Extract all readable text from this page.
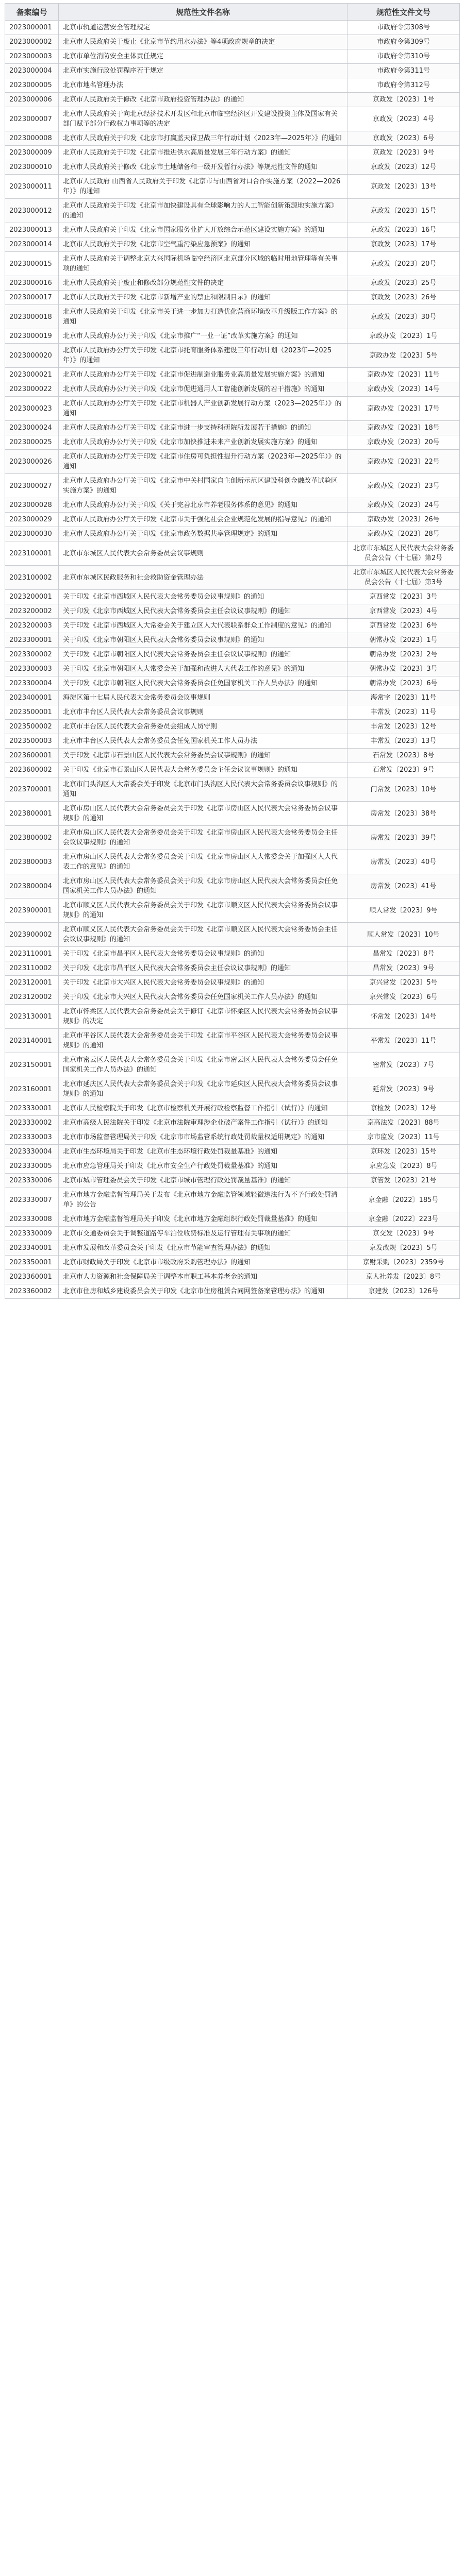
备案编号	规范性文件名称	规范性文件文号
2023000001	北京市轨道运营安全管理规定	市政府令第308号
2023000002	北京市人民政府关于废止《北京市节约用水办法》等4项政府规章的决定	市政府令第309号
2023000003	北京市单位消防安全主体责任规定	市政府令第310号
2023000004	北京市实施行政处罚程序若干规定	市政府令第311号
2023000005	北京市地名管理办法	市政府令第312号
2023000006	北京市人民政府关于修改《北京市政府投资管理办法》的通知	京政发〔2023〕1号
2023000007	北京市人民政府关于向北京经济技术开发区和北京市临空经济区开发建设投资主体及国家有关部门赋予部分行政权力事项等的决定	京政发〔2023〕4号
2023000008	北京市人民政府关于印发《北京市打赢蓝天保卫战三年行动计划〈2023年—2025年〉》的通知	京政发〔2023〕6号
2023000009	北京市人民政府关于印发《北京市推进供水高质量发展三年行动方案》的通知	京政发〔2023〕9号
2023000010	北京市人民政府关于修改《北京市土地储备和一级开发暂行办法》等规范性文件的通知	京政发〔2023〕12号
2023000011	北京市人民政府 山西省人民政府关于印发《北京市与山西省对口合作实施方案（2022—2026年）》的通知	京政发〔2023〕13号
2023000012	北京市人民政府关于印发《北京市加快建设具有全球影响力的人工智能创新策源地实施方案》的通知	京政发〔2023〕15号
2023000013	北京市人民政府关于印发《北京市国家服务业扩大开放综合示范区建设实施方案》的通知	京政发〔2023〕16号
2023000014	北京市人民政府关于印发《北京市空气重污染应急预案》的通知	京政发〔2023〕17号
2023000015	北京市人民政府关于调整北京大兴国际机场临空经济区北京部分区域的临时用地管理等有关事项的通知	京政发〔2023〕20号
2023000016	北京市人民政府关于废止和修改部分规范性文件的决定	京政发〔2023〕25号
2023000017	北京市人民政府关于印发《北京市新增产业的禁止和限制目录》的通知	京政发〔2023〕26号
2023000018	北京市人民政府关于印发《北京市关于进一步加力打造优化营商环境改革升级版工作方案》的通知	京政发〔2023〕30号
2023000019	北京市人民政府办公厅关于印发《北京市推广“一业一证”改革实施方案》的通知	京政办发〔2023〕1号
2023000020	北京市人民政府办公厅关于印发《北京市托育服务体系建设三年行动计划（2023年—2025年）》的通知	京政办发〔2023〕5号
2023000021	北京市人民政府办公厅关于印发《北京市促进制造业服务业高质量发展实施方案》的通知	京政办发〔2023〕11号
2023000022	北京市人民政府办公厅关于印发《北京市促进通用人工智能创新发展的若干措施》的通知	京政办发〔2023〕14号
2023000023	北京市人民政府办公厅关于印发《北京市机器人产业创新发展行动方案（2023—2025年）》的通知	京政办发〔2023〕17号
2023000024	北京市人民政府办公厅关于印发《北京市进一步支持科研院所发展若干措施》的通知	京政办发〔2023〕18号
2023000025	北京市人民政府办公厅关于印发《北京市加快推进未来产业创新发展实施方案》的通知	京政办发〔2023〕20号
2023000026	北京市人民政府办公厅关于印发《北京市住房可负担性提升行动方案（2023年—2025年）》的通知	京政办发〔2023〕22号
2023000027	北京市人民政府办公厅关于印发《北京市中关村国家自主创新示范区建设科创金融改革试验区实施方案》的通知	京政办发〔2023〕23号
2023000028	北京市人民政府办公厅关于印发《关于完善北京市养老服务体系的意见》的通知	京政办发〔2023〕24号
2023000029	北京市人民政府办公厅关于印发《北京市关于强化社会企业规范化发展的指导意见》的通知	京政办发〔2023〕26号
2023000030	北京市人民政府办公厅关于印发《北京市政务数据共享管理规定》的通知	京政办发〔2023〕28号
2023100001	北京市东城区人民代表大会常务委员会议事规则	北京市东城区人民代表大会常务委员会公告（十七届）第2号
2023100002	北京市东城区民政服务和社会救助资金管理办法	北京市东城区人民代表大会常务委员会公告（十七届）第3号
2023200001	关于印发《北京市西城区人民代表大会常务委员会议事规则》的通知	京西常发〔2023〕3号
2023200002	关于印发《北京市西城区人民代表大会常务委员会主任会议议事规则》的通知	京西常发〔2023〕4号
2023200003	关于印发《北京市西城区人大常委会关于建立区人大代表联系群众工作制度的意见》的通知	京西常发〔2023〕6号
2023300001	关于印发《北京市朝阳区人民代表大会常务委员会议事规则》的通知	朝常办发〔2023〕1号
2023300002	关于印发《北京市朝阳区人民代表大会常务委员会主任会议议事规则》的通知	朝常办发〔2023〕2号
2023300003	关于印发《北京市朝阳区人大常委会关于加强和改进人大代表工作的意见》的通知	朝常办发〔2023〕3号
2023300004	关于印发《北京市朝阳区人民代表大会常务委员会任免国家机关工作人员办法》的通知	朝常办发〔2023〕6号
2023400001	海淀区第十七届人民代表大会常务委员会议事规则	海常字〔2023〕11号
2023500001	北京市丰台区人民代表大会常务委员会议事规则	丰常发〔2023〕11号
2023500002	北京市丰台区人民代表大会常务委员会组成人员守则	丰常发〔2023〕12号
2023500003	北京市丰台区人民代表大会常务委员会任免国家机关工作人员办法	丰常发〔2023〕13号
2023600001	关于印发《北京市石景山区人民代表大会常务委员会议事规则》的通知	石常发〔2023〕8号
2023600002	关于印发《北京市石景山区人民代表大会常务委员会主任会议议事规则》的通知	石常发〔2023〕9号
2023700001	北京市门头沟区人大常委会关于印发《北京市门头沟区人民代表大会常务委员会议事规则》的通知	门常发〔2023〕10号
2023800001	北京市房山区人民代表大会常务委员会关于印发《北京市房山区人民代表大会常务委员会议事规则》的通知	房常发〔2023〕38号
2023800002	北京市房山区人民代表大会常务委员会关于印发《北京市房山区人民代表大会常务委员会主任会议议事规则》的通知	房常发〔2023〕39号
2023800003	北京市房山区人民代表大会常务委员会关于印发《北京市房山区人大常委会关于加强区人大代表工作的意见》的通知	房常发〔2023〕40号
2023800004	北京市房山区人民代表大会常务委员会关于印发《北京市房山区人民代表大会常务委员会任免国家机关工作人员办法》的通知	房常发〔2023〕41号
2023900001	北京市顺义区人民代表大会常务委员会关于印发《北京市顺义区人民代表大会常务委员会议事规则》的通知	顺人常发〔2023〕9号
2023900002	北京市顺义区人民代表大会常务委员会关于印发《北京市顺义区人民代表大会常务委员会主任会议议事规则》的通知	顺人常发〔2023〕10号
2023110001	关于印发《北京市昌平区人民代表大会常务委员会议事规则》的通知	昌常发〔2023〕8号
2023110002	关于印发《北京市昌平区人民代表大会常务委员会主任会议议事规则》的通知	昌常发〔2023〕9号
2023120001	关于印发《北京市大兴区人民代表大会常务委员会议事规则》的通知	京兴常发〔2023〕5号
2023120002	关于印发《北京市大兴区人民代表大会常务委员会任免国家机关工作人员办法》的通知	京兴常发〔2023〕6号
2023130001	北京市怀柔区人民代表大会常务委员会关于修订《北京市怀柔区人民代表大会常务委员会议事规则》的决定	怀常发〔2023〕14号
2023140001	北京市平谷区人民代表大会常务委员会关于印发《北京市平谷区人民代表大会常务委员会议事规则》的通知	平常发〔2023〕11号
2023150001	北京市密云区人民代表大会常务委员会关于印发《北京市密云区人民代表大会常务委员会任免国家机关工作人员办法》的通知	密常发〔2023〕7号
2023160001	北京市延庆区人民代表大会常务委员会关于印发《北京市延庆区人民代表大会常务委员会议事规则》的通知	延常发〔2023〕9号
2023330001	北京市人民检察院关于印发《北京市检察机关开展行政检察监督工作指引（试行）》的通知	京检发〔2023〕12号
2023330002	北京市高级人民法院关于印发《北京市法院审理涉企业破产案件工作指引（试行）》的通知	京高法发〔2023〕88号
2023330003	北京市市场监督管理局关于印发《北京市市场监管系统行政处罚裁量权适用规定》的通知	京市监发〔2023〕11号
2023330004	北京市生态环境局关于印发《北京市生态环境行政处罚裁量基准》的通知	京环发〔2023〕15号
2023330005	北京市应急管理局关于印发《北京市安全生产行政处罚裁量基准》的通知	京应急发〔2023〕8号
2023330006	北京市城市管理委员会关于印发《北京市城市管理行政处罚裁量基准》的通知	京管发〔2023〕21号
2023330007	北京市地方金融监督管理局关于发布《北京市地方金融监管领域轻微违法行为不予行政处罚清单》的公告	京金融〔2022〕185号
2023330008	北京市地方金融监督管理局关于印发《北京市地方金融组织行政处罚裁量基准》的通知	京金融〔2022〕223号
2023330009	北京市交通委员会关于调整道路停车泊位收费标准及运行管理有关事项的通知	京交发〔2023〕9号
2023340001	北京市发展和改革委员会关于印发《北京市节能审查管理办法》的通知	京发改规〔2023〕5号
2023350001	北京市财政局关于印发《北京市市级政府采购管理办法》的通知	京财采购〔2023〕2359号
2023360001	北京市人力资源和社会保障局关于调整本市职工基本养老金的通知	京人社养发〔2023〕8号
2023360002	北京市住房和城乡建设委员会关于印发《北京市住房租赁合同网签备案管理办法》的通知	京建发〔2023〕126号
